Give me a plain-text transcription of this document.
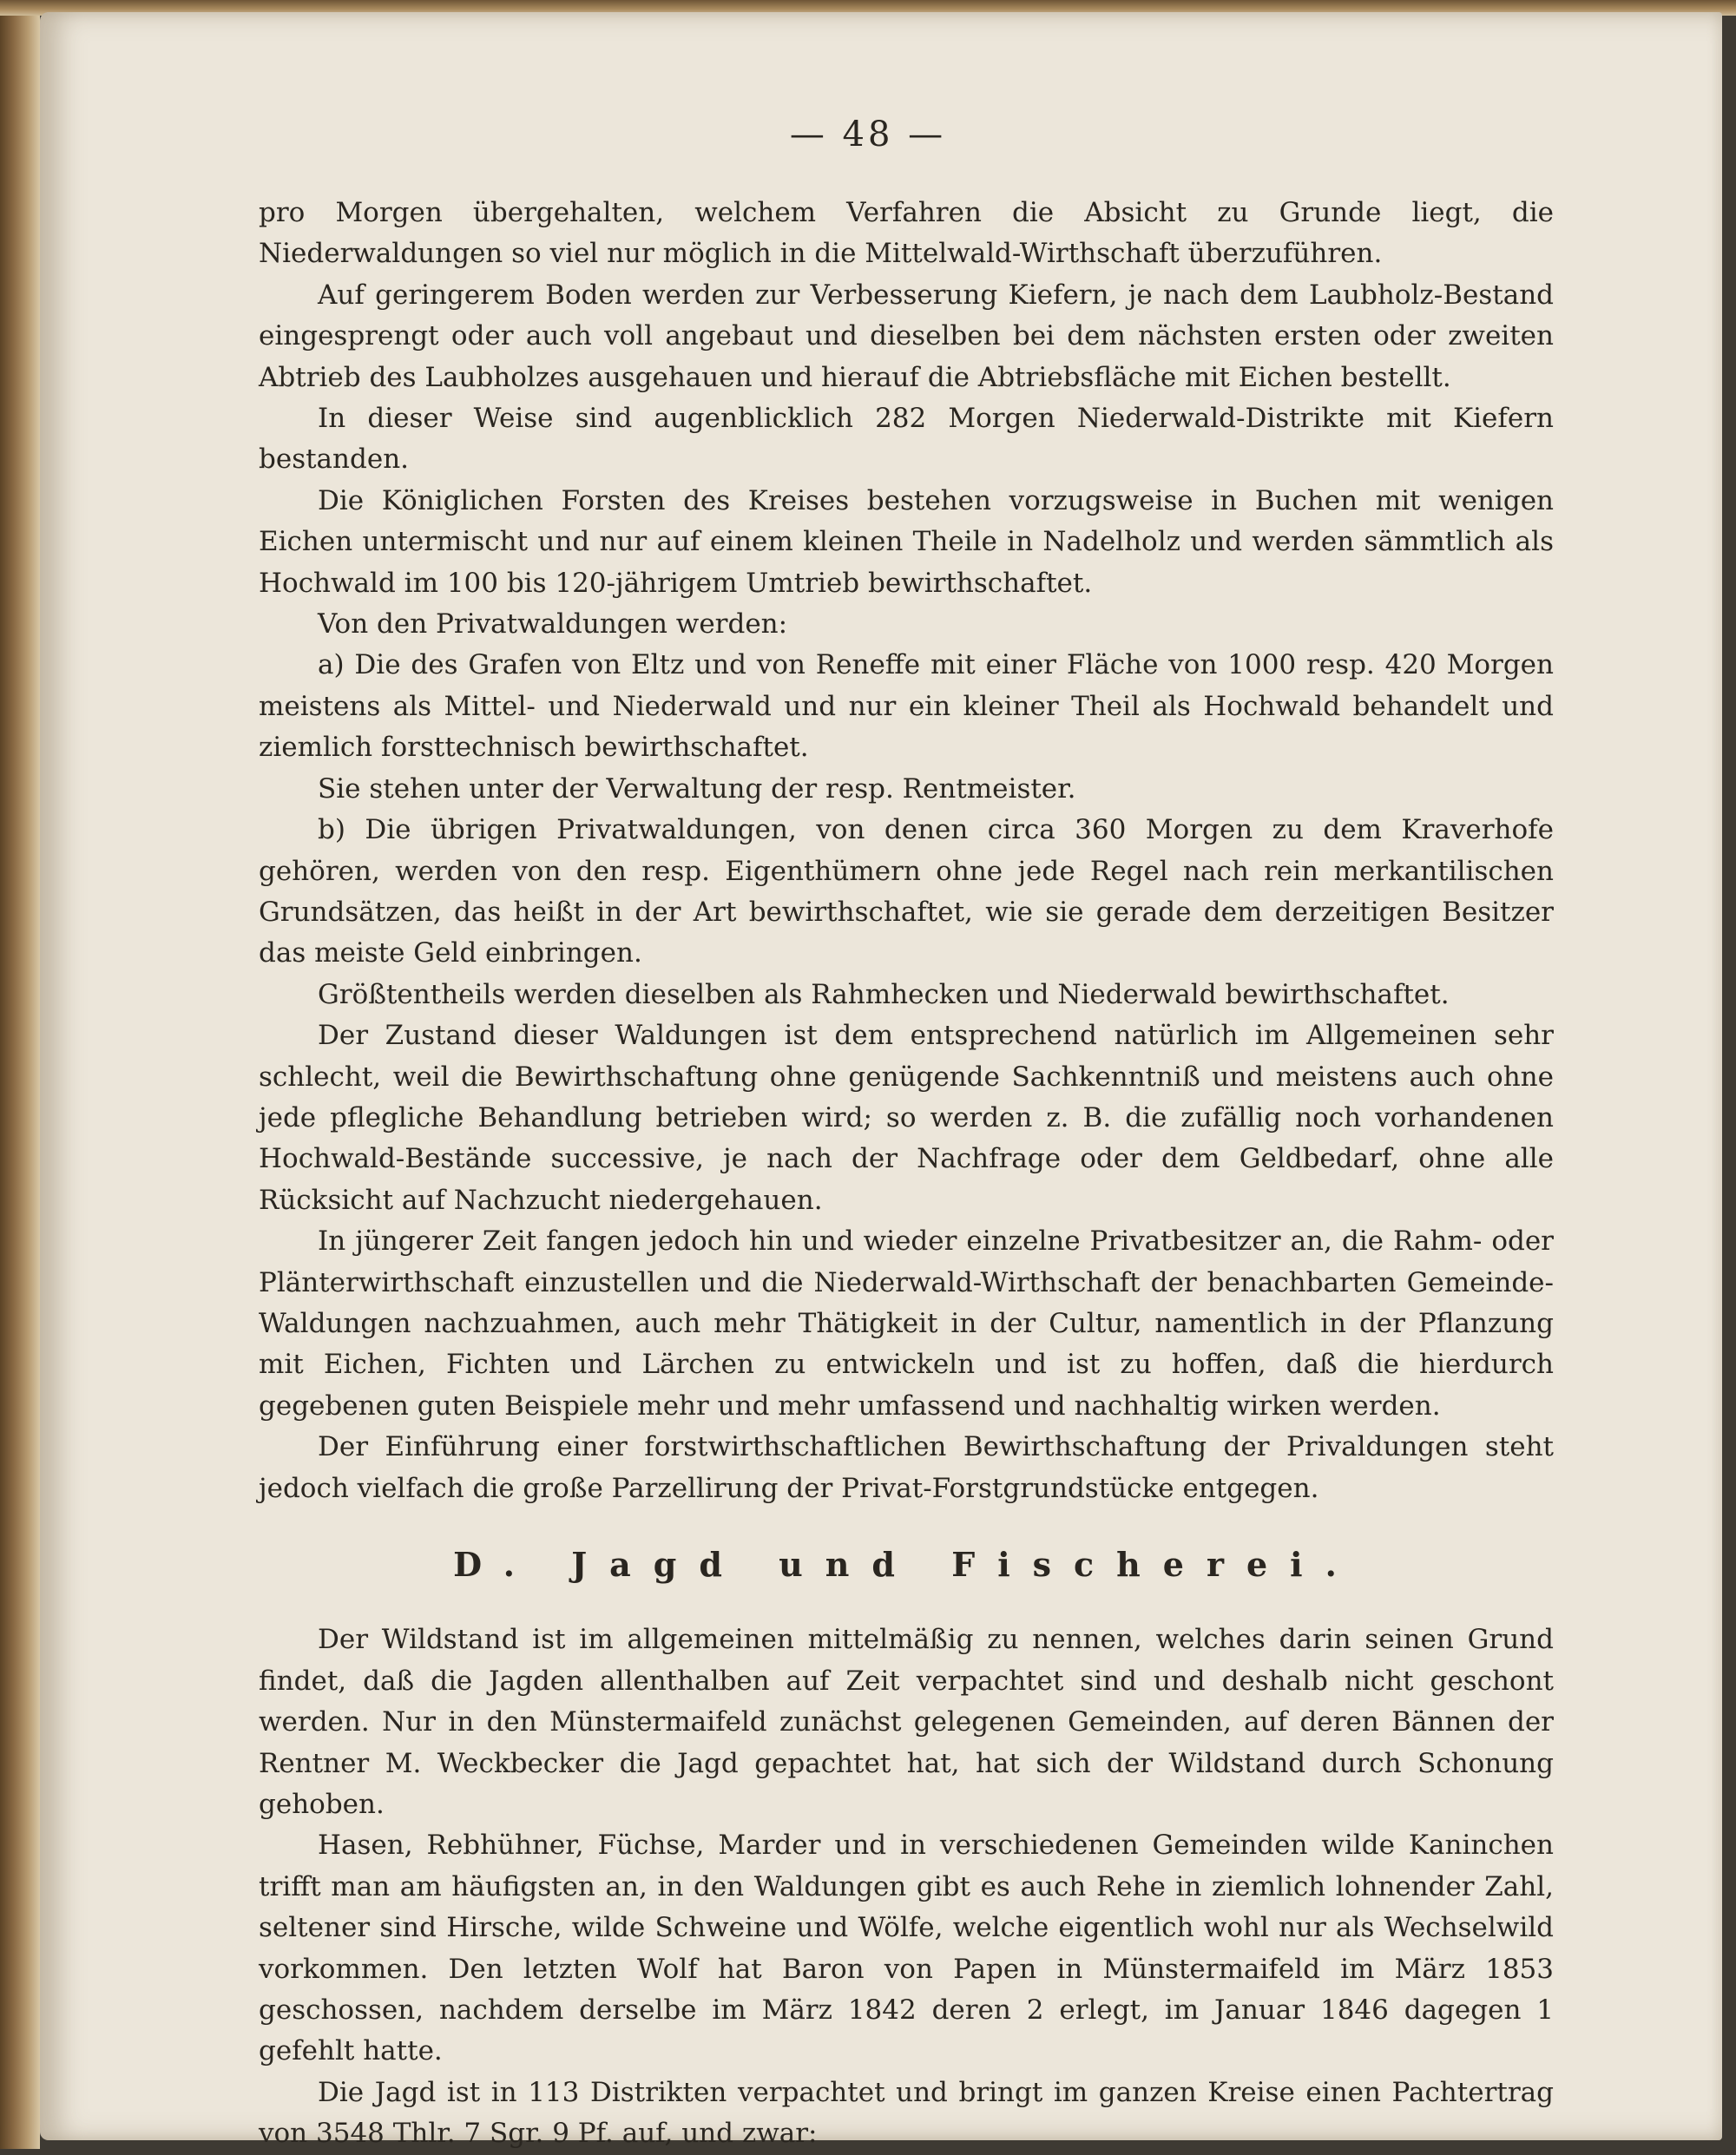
— 48 —

pro Morgen übergehalten, welchem Verfahren die Absicht zu Grunde liegt, die Niederwaldungen so viel nur möglich in die Mittelwald-Wirthschaft überzuführen.

Auf geringerem Boden werden zur Verbesserung Kiefern, je nach dem Laubholz-Bestand eingesprengt oder auch voll angebaut und dieselben bei dem nächsten ersten oder zweiten Abtrieb des Laubholzes ausgehauen und hierauf die Abtriebsfläche mit Eichen bestellt.

In dieser Weise sind augenblicklich 282 Morgen Niederwald-Distrikte mit Kiefern bestanden.

Die Königlichen Forsten des Kreises bestehen vorzugsweise in Buchen mit wenigen Eichen untermischt und nur auf einem kleinen Theile in Nadelholz und werden sämmtlich als Hochwald im 100 bis 120-jährigem Umtrieb bewirthschaftet.

Von den Privatwaldungen werden:

a) Die des Grafen von Eltz und von Reneffe mit einer Fläche von 1000 resp. 420 Morgen meistens als Mittel- und Niederwald und nur ein kleiner Theil als Hochwald behandelt und ziemlich forsttechnisch bewirthschaftet.

Sie stehen unter der Verwaltung der resp. Rentmeister.

b) Die übrigen Privatwaldungen, von denen circa 360 Morgen zu dem Kraverhofe gehören, werden von den resp. Eigenthümern ohne jede Regel nach rein merkantilischen Grundsätzen, das heißt in der Art bewirthschaftet, wie sie gerade dem derzeitigen Besitzer das meiste Geld einbringen.

Größtentheils werden dieselben als Rahmhecken und Niederwald bewirthschaftet.

Der Zustand dieser Waldungen ist dem entsprechend natürlich im Allgemeinen sehr schlecht, weil die Bewirthschaftung ohne genügende Sachkenntniß und meistens auch ohne jede pflegliche Behandlung betrieben wird; so werden z. B. die zufällig noch vorhandenen Hochwald-Bestände successive, je nach der Nachfrage oder dem Geldbedarf, ohne alle Rücksicht auf Nachzucht niedergehauen.

In jüngerer Zeit fangen jedoch hin und wieder einzelne Privatbesitzer an, die Rahm- oder Plänterwirthschaft einzustellen und die Niederwald-Wirthschaft der benachbarten Gemeinde-Waldungen nachzuahmen, auch mehr Thätigkeit in der Cultur, namentlich in der Pflanzung mit Eichen, Fichten und Lärchen zu entwickeln und ist zu hoffen, daß die hierdurch gegebenen guten Beispiele mehr und mehr umfassend und nachhaltig wirken werden.

Der Einführung einer forstwirthschaftlichen Bewirthschaftung der Privaldungen steht jedoch vielfach die große Parzellirung der Privat-Forstgrundstücke entgegen.

D. Jagd und Fischerei.

Der Wildstand ist im allgemeinen mittelmäßig zu nennen, welches darin seinen Grund findet, daß die Jagden allenthalben auf Zeit verpachtet sind und deshalb nicht geschont werden. Nur in den Münstermaifeld zunächst gelegenen Gemeinden, auf deren Bännen der Rentner M. Weckbecker die Jagd gepachtet hat, hat sich der Wildstand durch Schonung gehoben.

Hasen, Rebhühner, Füchse, Marder und in verschiedenen Gemeinden wilde Kaninchen trifft man am häufigsten an, in den Waldungen gibt es auch Rehe in ziemlich lohnender Zahl, seltener sind Hirsche, wilde Schweine und Wölfe, welche eigentlich wohl nur als Wechselwild vorkommen. Den letzten Wolf hat Baron von Papen in Münstermaifeld im März 1853 geschossen, nachdem derselbe im März 1842 deren 2 erlegt, im Januar 1846 dagegen 1 gefehlt hatte.

Die Jagd ist in 113 Distrikten verpachtet und bringt im ganzen Kreise einen Pachtertrag von 3548 Thlr. 7 Sgr. 9 Pf. auf, und zwar:
